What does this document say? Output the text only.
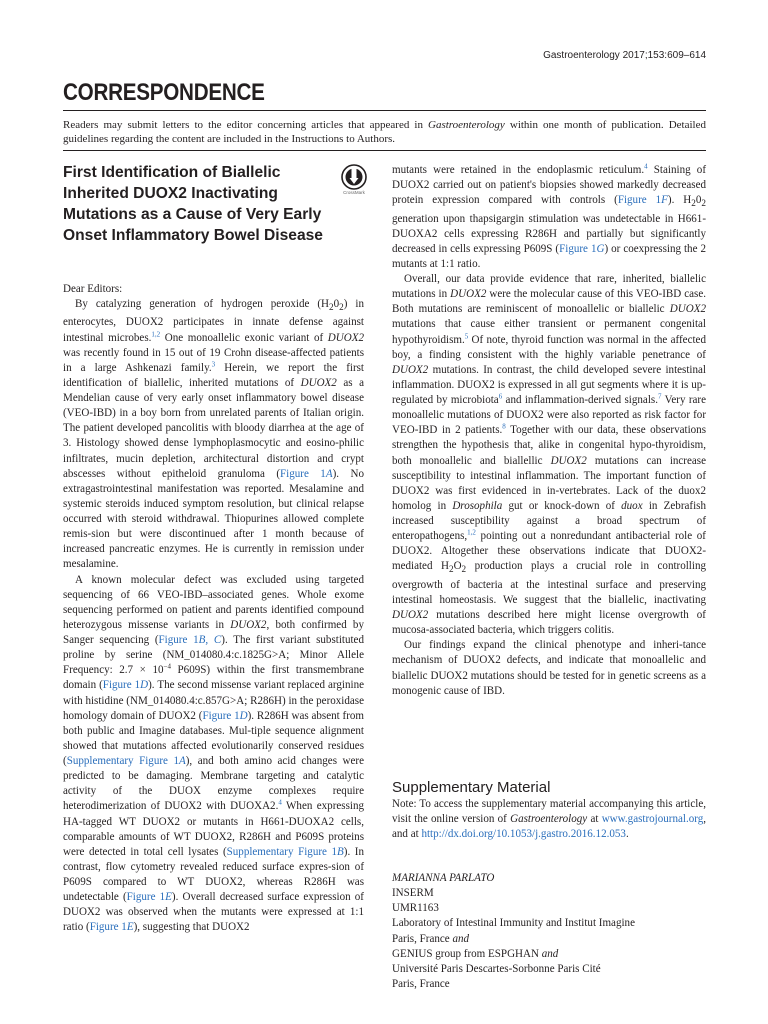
Gastroenterology 2017;153:609–614
CORRESPONDENCE

Readers may submit letters to the editor concerning articles that appeared in Gastroenterology within one month of publication. Detailed guidelines regarding the content are included in the Instructions to Authors.

First Identification of Biallelic Inherited DUOX2 Inactivating Mutations as a Cause of Very Early Onset Inflammatory Bowel Disease
CrossMark

Dear Editors:

By catalyzing generation of hydrogen peroxide $(H_20_2)$ in enterocytes, DUOX2 participates in innate defense against intestinal microbes.$^{1,2}$ One monoallelic exonic variant of DUOX2 was recently found in 15 out of 19 Crohn disease-affected patients in a large Ashkenazi family.$^3$ Herein, we report the first identification of biallelic, inherited mutations of DUOX2 as a Mendelian cause of very early onset inflammatory bowel disease (VEO-IBD) in a boy born from unrelated parents of Italian origin. The patient developed pancolitis with bloody diarrhea at the age of 3. Histology showed dense lymphoplasmocytic and eosino-philic infiltrates, mucin depletion, architectural distortion and crypt abscesses without epitheloid granuloma (Figure 1A). No extragastrointestinal manifestation was reported. Mesalamine and systemic steroids induced symptom resolution, but clinical relapse occurred with steroid withdrawal. Thiopurines allowed complete remis-sion but were discontinued after 1 month because of increased pancreatic enzymes. He is currently in remission under mesalamine.

A known molecular defect was excluded using targeted sequencing of 66 VEO-IBD–associated genes. Whole exome sequencing performed on patient and parents identified compound heterozygous missense variants in DUOX2, both confirmed by Sanger sequencing (Figure 1B, C). The first variant substituted proline by serine (NM_014080.4:c.1825G>A; Minor Allele Frequency: $2.7 \times 10^{-4}$ P609S) within the first transmembrane domain (Figure 1D). The second missense variant replaced arginine with histidine (NM_014080.4:c.857G>A; R286H) in the peroxidase homology domain of DUOX2 (Figure 1D). R286H was absent from both public and Imagine databases. Mul-tiple sequence alignment showed that mutations affected evolutionarily conserved residues (Supplementary Figure 1A), and both amino acid changes were predicted to be damaging. Membrane targeting and catalytic activity of the DUOX enzyme complexes require heterodimerization of DUOX2 with DUOXA2.$^4$ When expressing HA-tagged WT DUOX2 or mutants in H661-DUOXA2 cells, comparable amounts of WT DUOX2, R286H and P609S proteins were detected in total cell lysates (Supplementary Figure 1B). In contrast, flow cytometry revealed reduced surface expres-sion of P609S compared to WT DUOX2, whereas R286H was undetectable (Figure 1E). Overall decreased surface expression of DUOX2 was observed when the mutants were expressed at 1:1 ratio (Figure 1E), suggesting that DUOX2

mutants were retained in the endoplasmic reticulum.$^4$ Staining of DUOX2 carried out on patient's biopsies showed markedly decreased protein expression compared with controls (Figure 1F). $H_20_2$ generation upon thapsigargin stimulation was undetectable in H661-DUOXA2 cells expressing R286H and partially but significantly decreased in cells expressing P609S (Figure 1G) or coexpressing the 2 mutants at 1:1 ratio.

Overall, our data provide evidence that rare, inherited, biallelic mutations in DUOX2 were the molecular cause of this VEO-IBD case. Both mutations are reminiscent of monoallelic or biallelic DUOX2 mutations that cause either transient or permanent congenital hypothyroidism.$^5$ Of note, thyroid function was normal in the affected boy, a finding consistent with the highly variable penetrance of DUOX2 mutations. In contrast, the child developed severe intestinal inflammation. DUOX2 is expressed in all gut segments where it is up-regulated by microbiota$^6$ and inflammation-derived signals.$^7$ Very rare monoallelic mutations of DUOX2 were also reported as risk factor for VEO-IBD in 2 patients.$^8$ Together with our data, these observations strengthen the hypothesis that, alike in congenital hypo-thyroidism, both monoallelic and biallellic DUOX2 mutations can increase susceptibility to intestinal inflammation. The important function of DUOX2 was first evidenced in in-vertebrates. Lack of the duox2 homolog in Drosophila gut or knock-down of duox in Zebrafish increased susceptibility against a broad spectrum of enteropathogens,$^{1,2}$ pointing out a nonredundant antibacterial role of DUOX2. Altogether these observations indicate that DUOX2-mediated $H_2O_2$ production plays a crucial role in controlling overgrowth of bacteria at the intestinal surface and preserving intestinal homeostasis. We suggest that the biallelic, inactivating DUOX2 mutations described here might license overgrowth of mucosa-associated bacteria, which triggers colitis.

Our findings expand the clinical phenotype and inheri-tance mechanism of DUOX2 defects, and indicate that monoallelic and biallelic DUOX2 mutations should be tested for in genetic screens as a monogenic cause of IBD.

Supplementary Material

Note: To access the supplementary material accompanying this article, visit the online version of Gastroenterology at www.gastrojournal.org, and at http://dx.doi.org/10.1053/j.gastro.2016.12.053.

MARIANNA PARLATO

INSERM

UMR1163

Laboratory of Intestinal Immunity and Institut Imagine

Paris, France and

GENIUS group from ESPGHAN and

Université Paris Descartes-Sorbonne Paris Cité

Paris, France
